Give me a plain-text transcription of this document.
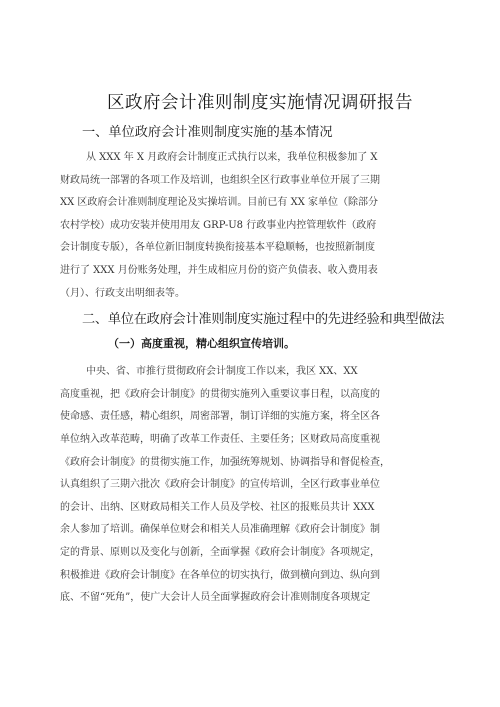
区政府会计准则制度实施情况调研报告
一、单位政府会计准则制度实施的基本情况
从 XXX 年 X 月政府会计制度正式执行以来，我单位积极参加了 X
财政局统一部署的各项工作及培训，也组织全区行政事业单位开展了三期
XX 区政府会计准则制度理论及实操培训。目前已有 XX 家单位（除部分
农村学校）成功安装并使用用友 GRP-U8 行政事业内控管理软件（政府
会计制度专版），各单位新旧制度转换衔接基本平稳顺畅，也按照新制度
进行了 XXX 月份账务处理，并生成相应月份的资产负债表、收入费用表
（月）、行政支出明细表等。
二、单位在政府会计准则制度实施过程中的先进经验和典型做法
（一）高度重视，精心组织宣传培训。
中央、省、市推行贯彻政府会计制度工作以来，我区 XX、XX
高度重视，把《政府会计制度》的贯彻实施列入重要议事日程，以高度的
使命感、责任感，精心组织，周密部署，制订详细的实施方案，将全区各
单位纳入改革范畴，明确了改革工作责任、主要任务；区财政局高度重视
《政府会计制度》的贯彻实施工作，加强统筹规划、协调指导和督促检查，
认真组织了三期六批次《政府会计制度》的宣传培训，全区行政事业单位
的会计、出纳、区财政局相关工作人员及学校、社区的报账员共计 XXX
余人参加了培训。确保单位财会和相关人员准确理解《政府会计制度》制
定的背景、原则以及变化与创新，全面掌握《政府会计制度》各项规定，
积极推进《政府会计制度》在各单位的切实执行，做到横向到边、纵向到
底、不留“死角”，使广大会计人员全面掌握政府会计准则制度各项规定
